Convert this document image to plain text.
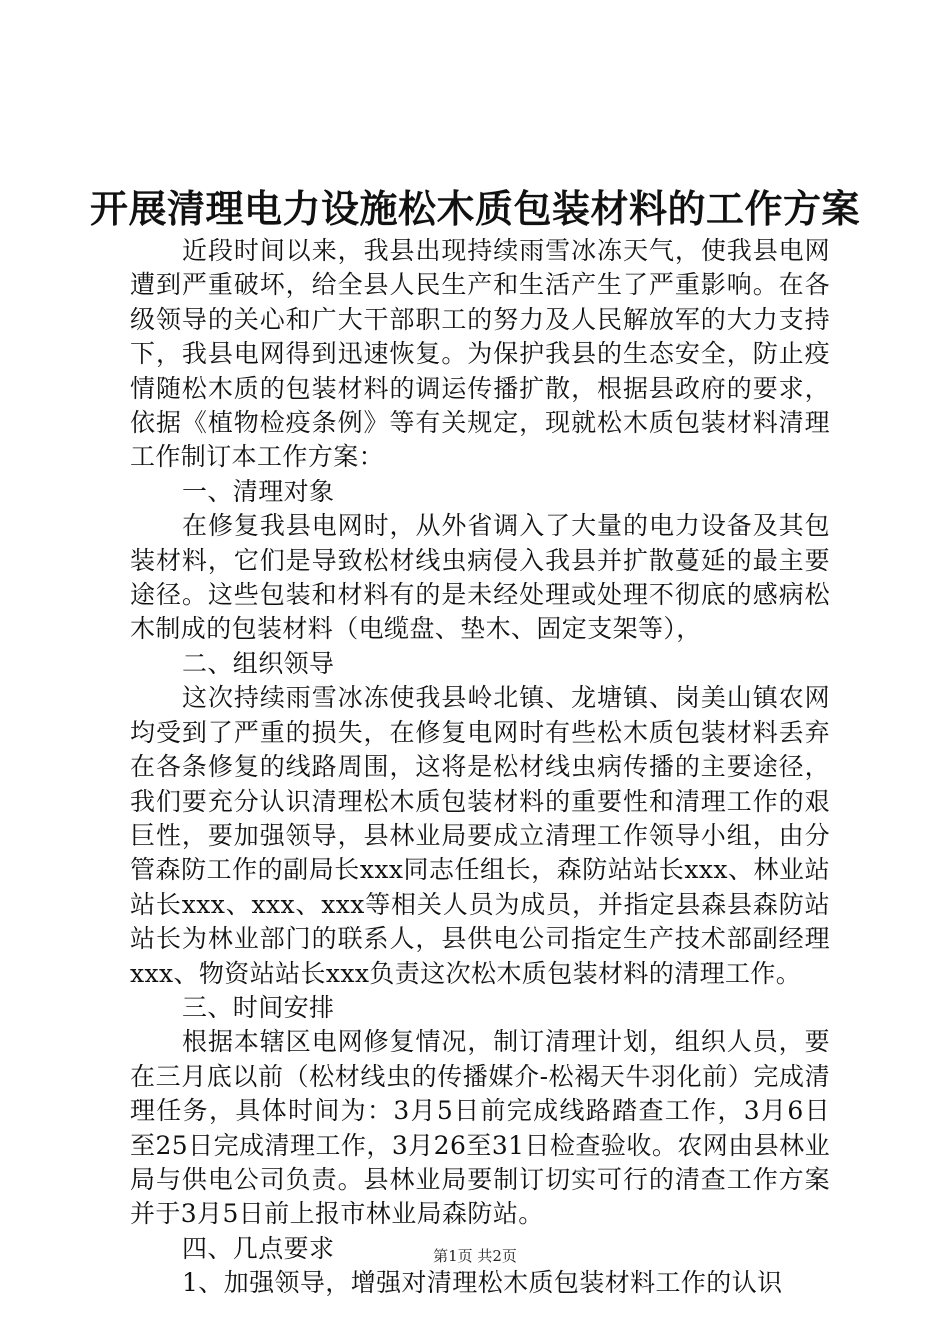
开展清理电力设施松木质包装材料的工作方案

近段时间以来，我县出现持续雨雪冰冻天气，使我县电网遭到严重破坏，给全县人民生产和生活产生了严重影响。在各级领导的关心和广大干部职工的努力及人民解放军的大力支持下，我县电网得到迅速恢复。为保护我县的生态安全，防止疫情随松木质的包装材料的调运传播扩散，根据县政府的要求，依据《植物检疫条例》等有关规定，现就松木质包装材料清理工作制订本工作方案：

一、清理对象

在修复我县电网时，从外省调入了大量的电力设备及其包装材料，它们是导致松材线虫病侵入我县并扩散蔓延的最主要途径。这些包装和材料有的是未经处理或处理不彻底的感病松木制成的包装材料（电缆盘、垫木、固定支架等），

二、组织领导

这次持续雨雪冰冻使我县岭北镇、龙塘镇、岗美山镇农网均受到了严重的损失，在修复电网时有些松木质包装材料丢弃在各条修复的线路周围，这将是松材线虫病传播的主要途径，我们要充分认识清理松木质包装材料的重要性和清理工作的艰巨性，要加强领导，县林业局要成立清理工作领导小组，由分管森防工作的副局长xxx同志任组长，森防站站长xxx、林业站站长xxx、xxx、xxx等相关人员为成员，并指定县森县森防站站长为林业部门的联系人，县供电公司指定生产技术部副经理xxx、物资站站长xxx负责这次松木质包装材料的清理工作。

三、时间安排

根据本辖区电网修复情况，制订清理计划，组织人员，要在三月底以前（松材线虫的传播媒介-松褐天牛羽化前）完成清理任务，具体时间为：3月5日前完成线路踏查工作，3月6日至25日完成清理工作，3月26至31日检查验收。农网由县林业局与供电公司负责。县林业局要制订切实可行的清查工作方案并于3月5日前上报市林业局森防站。

四、几点要求

1、加强领导，增强对清理松木质包装材料工作的认识

第1页 共2页
